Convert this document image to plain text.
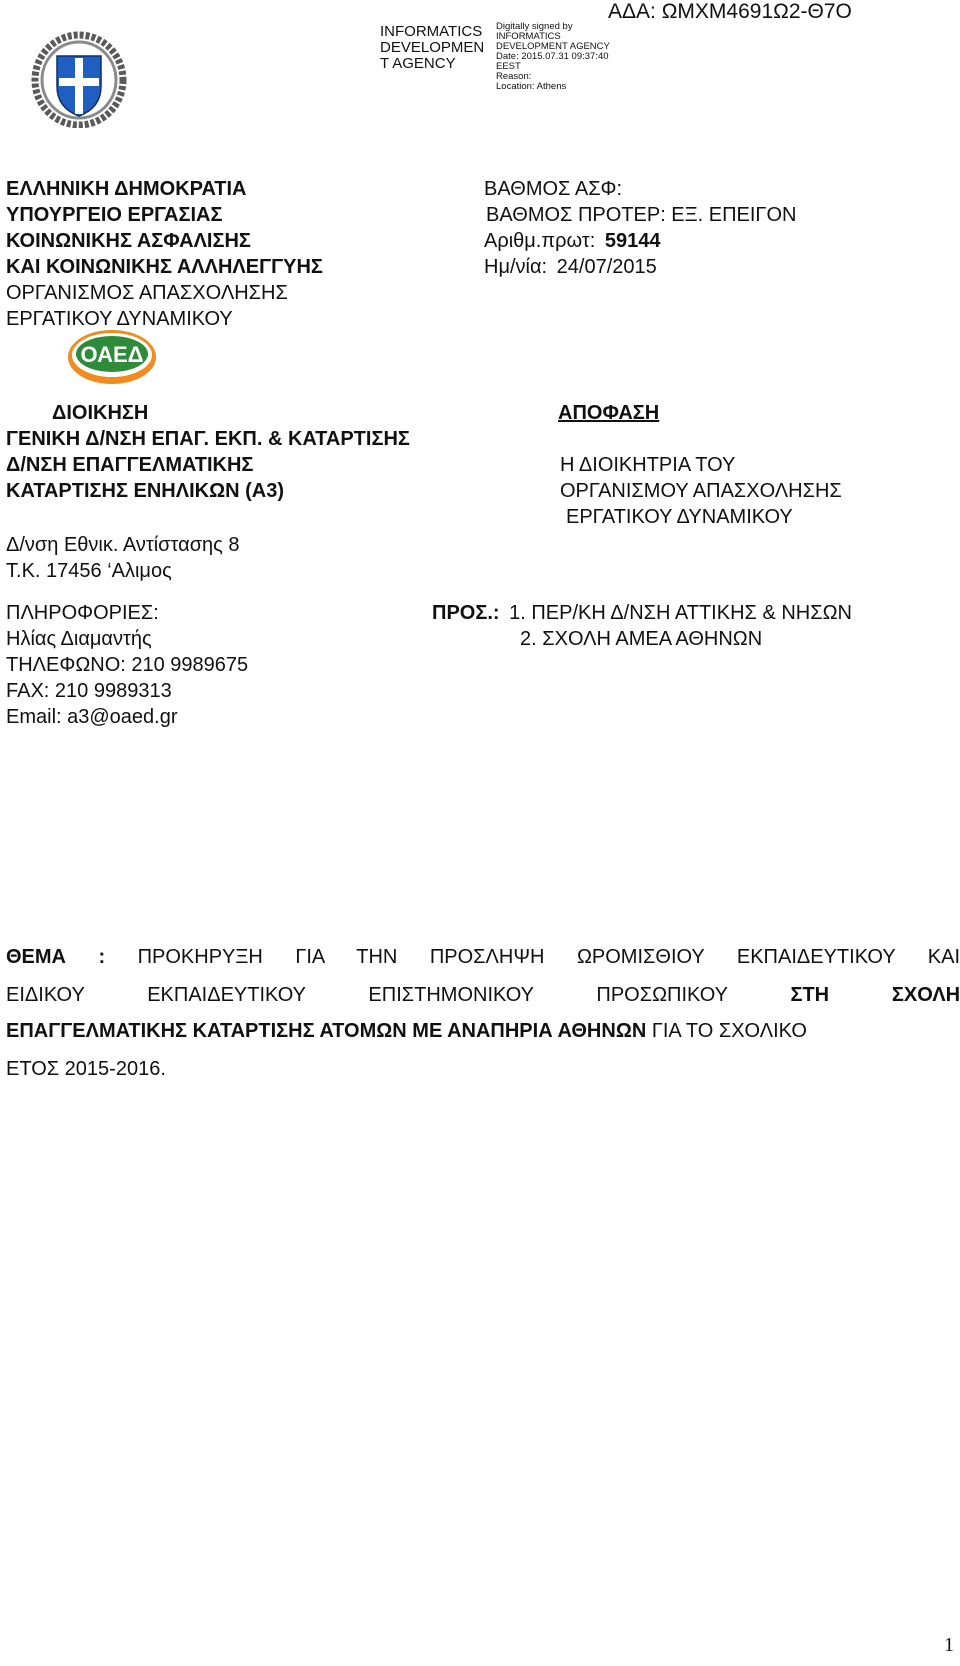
INFORMATICS
DEVELOPMEN
T AGENCY
Digitally signed by
INFORMATICS
DEVELOPMENT AGENCY
Date: 2015.07.31 09:37:40
EEST
Reason:
Location: Athens
ΑΔΑ: ΩΜΧΜ4691Ω2-Θ7Ο
ΕΛΛΗΝΙΚΗ ΔΗΜΟΚΡΑΤΙΑ
ΥΠΟΥΡΓΕΙΟ ΕΡΓΑΣΙΑΣ
ΚΟΙΝΩΝΙΚΗΣ ΑΣΦΑΛΙΣΗΣ
ΚΑΙ ΚΟΙΝΩΝΙΚΗΣ ΑΛΛΗΛΕΓΓΥΗΣ
ΟΡΓΑΝΙΣΜΟΣ ΑΠΑΣΧΟΛΗΣΗΣ
ΕΡΓΑΤΙΚΟΥ ΔΥΝΑΜΙΚΟΥ
ΒΑΘΜΟΣ ΑΣΦ:
ΒΑΘΜΟΣ ΠΡΟΤΕΡ: ΕΞ. ΕΠΕΙΓΟΝ
Αριθμ.πρωτ: 59144
Ημ/νία: 24/07/2015
ΟΑΕΔ
ΔΙΟΙΚΗΣΗ
ΓΕΝΙΚΗ Δ/ΝΣΗ ΕΠΑΓ. ΕΚΠ. & ΚΑΤΑΡΤΙΣΗΣ
Δ/ΝΣΗ ΕΠΑΓΓΕΛΜΑΤΙΚΗΣ
ΚΑΤΑΡΤΙΣΗΣ ΕΝΗΛΙΚΩΝ (Α3)
Δ/νση Εθνικ. Αντίστασης 8
Τ.Κ. 17456 ‘Αλιμος
ΑΠΟΦΑΣΗ
Η ΔΙΟΙΚΗΤΡΙΑ ΤΟΥ
ΟΡΓΑΝΙΣΜΟΥ ΑΠΑΣΧΟΛΗΣΗΣ
ΕΡΓΑΤΙΚΟΥ ΔΥΝΑΜΙΚΟΥ
ΠΛΗΡΟΦΟΡΙΕΣ:
Ηλίας Διαμαντής
ΤΗΛΕΦΩΝΟ: 210 9989675
FAX: 210 9989313
Email: a3@oaed.gr
ΠΡΟΣ.: 1. ΠΕΡ/ΚΗ Δ/ΝΣΗ ΑΤΤΙΚΗΣ & ΝΗΣΩΝ
2. ΣΧΟΛΗ ΑΜΕΑ ΑΘΗΝΩΝ
ΘΕΜΑ : ΠΡΟΚΗΡΥΞΗ ΓΙΑ ΤΗΝ ΠΡΟΣΛΗΨΗ ΩΡΟΜΙΣΘΙΟΥ ΕΚΠΑΙΔΕΥΤΙΚΟΥ ΚΑΙ
ΕΙΔΙΚΟΥ	ΕΚΠΑΙΔΕΥΤΙΚΟΥ	ΕΠΙΣΤΗΜΟΝΙΚΟΥ	ΠΡΟΣΩΠΙΚΟΥ	ΣΤΗ	ΣΧΟΛΗ
ΕΠΑΓΓΕΛΜΑΤΙΚΗΣ ΚΑΤΑΡΤΙΣΗΣ ΑΤΟΜΩΝ ΜΕ ΑΝΑΠΗΡΙΑ ΑΘΗΝΩΝ ΓΙΑ ΤΟ ΣΧΟΛΙΚΟ
ΕΤΟΣ 2015-2016.
1
